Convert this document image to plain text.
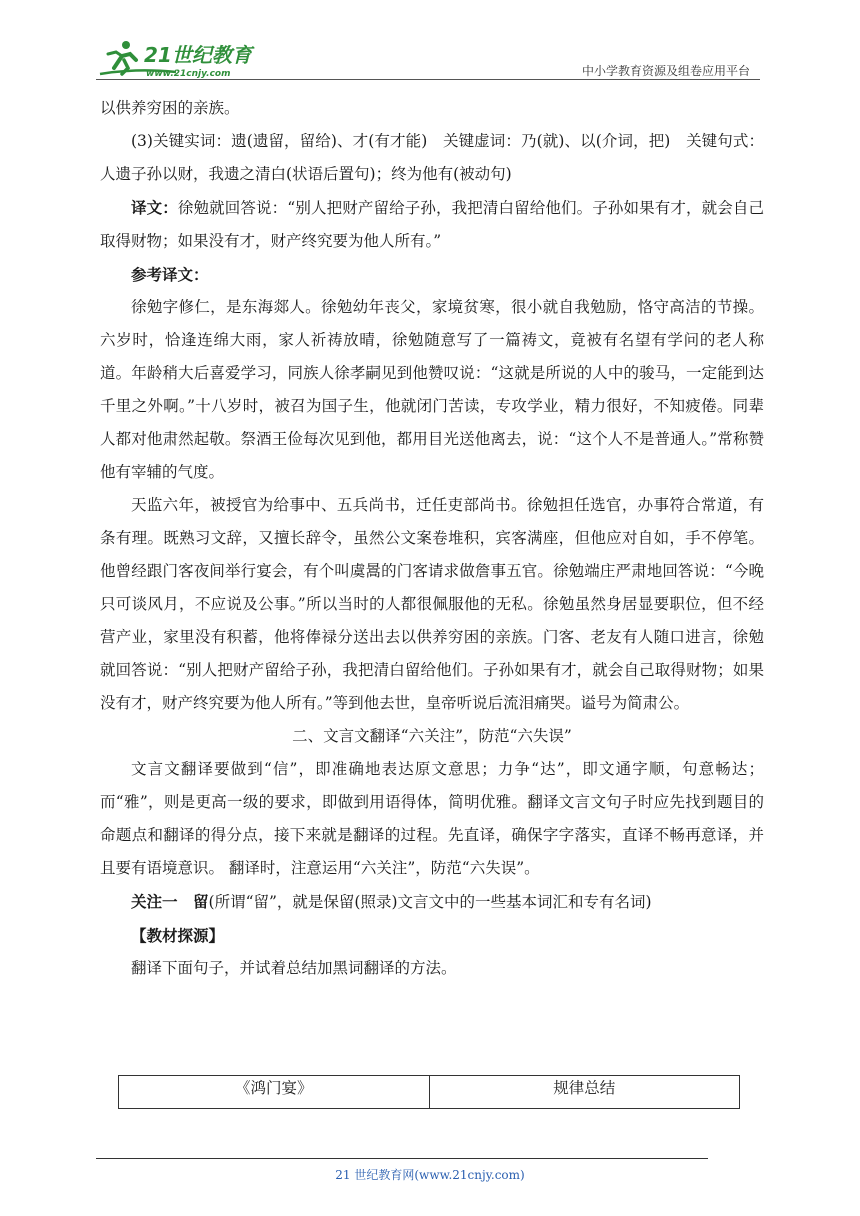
21世纪教育
www.21cnjy.com	中小学教育资源及组卷应用平台

以供养穷困的亲族。

(3)关键实词：遗(遗留，留给)、才(有才能)　关键虚词：乃(就)、以(介词，把)　关键句式：人遗子孙以财，我遗之清白(状语后置句)；终为他有(被动句)

译文：徐勉就回答说：“别人把财产留给子孙，我把清白留给他们。子孙如果有才，就会自己取得财物；如果没有才，财产终究要为他人所有。”

参考译文：

徐勉字修仁，是东海郯人。徐勉幼年丧父，家境贫寒，很小就自我勉励，恪守高洁的节操。六岁时，恰逢连绵大雨，家人祈祷放晴，徐勉随意写了一篇祷文，竟被有名望有学问的老人称道。年龄稍大后喜爱学习，同族人徐孝嗣见到他赞叹说：“这就是所说的人中的骏马，一定能到达千里之外啊。”十八岁时，被召为国子生，他就闭门苦读，专攻学业，精力很好，不知疲倦。同辈人都对他肃然起敬。祭酒王俭每次见到他，都用目光送他离去，说：“这个人不是普通人。”常称赞他有宰辅的气度。

天监六年，被授官为给事中、五兵尚书，迁任吏部尚书。徐勉担任选官，办事符合常道，有条有理。既熟习文辞，又擅长辞令，虽然公文案卷堆积，宾客满座，但他应对自如，手不停笔。他曾经跟门客夜间举行宴会，有个叫虞暠的门客请求做詹事五官。徐勉端庄严肃地回答说：“今晚只可谈风月，不应说及公事。”所以当时的人都很佩服他的无私。徐勉虽然身居显要职位，但不经营产业，家里没有积蓄，他将俸禄分送出去以供养穷困的亲族。门客、老友有人随口进言，徐勉就回答说：“别人把财产留给子孙，我把清白留给他们。子孙如果有才，就会自己取得财物；如果没有才，财产终究要为他人所有。”等到他去世，皇帝听说后流泪痛哭。谥号为简肃公。

二、文言文翻译“六关注”，防范“六失误”

文言文翻译要做到“信”，即准确地表达原文意思；力争“达”，即文通字顺，句意畅达；而“雅”，则是更高一级的要求，即做到用语得体，简明优雅。翻译文言文句子时应先找到题目的命题点和翻译的得分点，接下来就是翻译的过程。先直译，确保字字落实，直译不畅再意译，并且要有语境意识。 翻译时，注意运用“六关注”，防范“六失误”。

关注一　留(所谓“留”，就是保留(照录)文言文中的一些基本词汇和专有名词)

【教材探源】

翻译下面句子，并试着总结加黑词翻译的方法。

《鸿门宴》	规律总结
21 世纪教育网(www.21cnjy.com)
